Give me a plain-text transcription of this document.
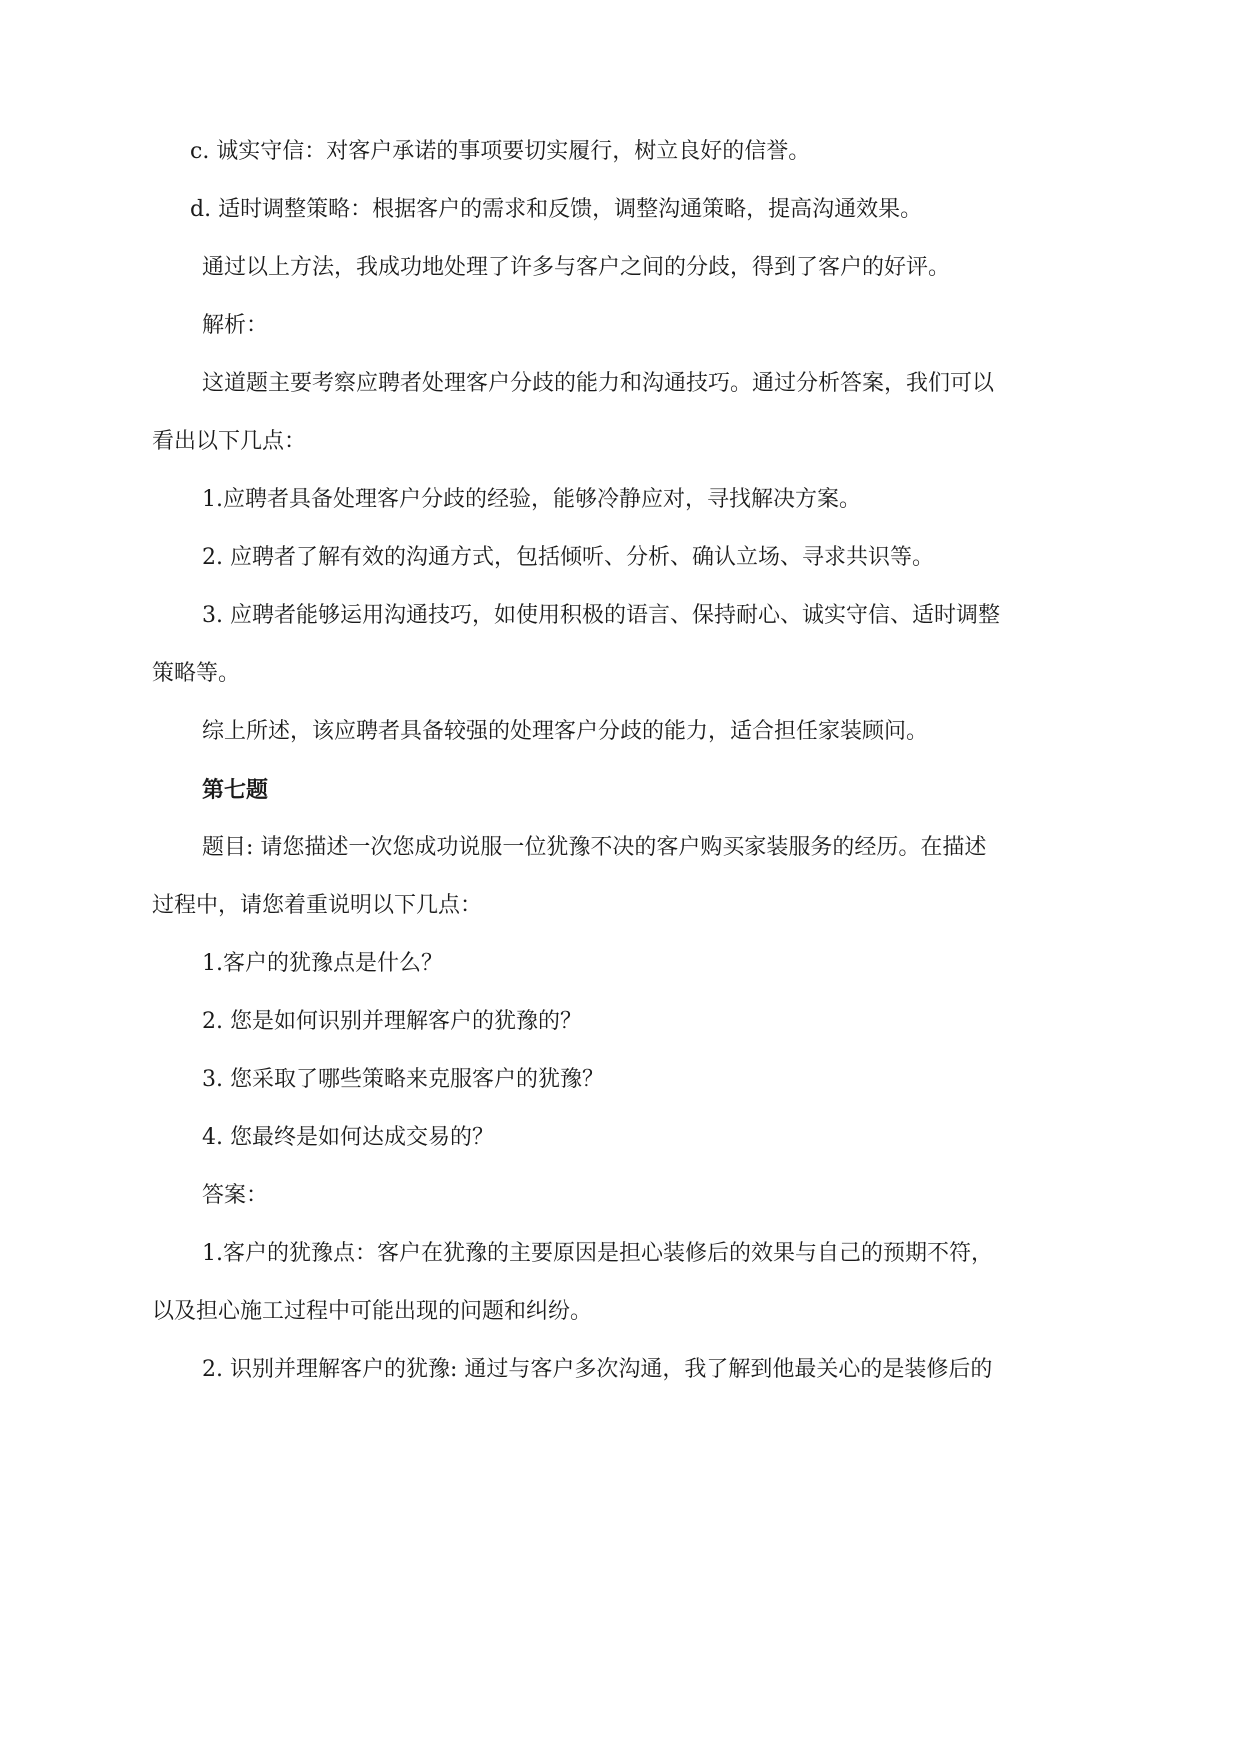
c. 诚实守信：对客户承诺的事项要切实履行，树立良好的信誉。
d. 适时调整策略：根据客户的需求和反馈，调整沟通策略，提高沟通效果。
通过以上方法，我成功地处理了许多与客户之间的分歧，得到了客户的好评。
解析：
这道题主要考察应聘者处理客户分歧的能力和沟通技巧。通过分析答案，我们可以
看出以下几点：
1.应聘者具备处理客户分歧的经验，能够冷静应对，寻找解决方案。
2. 应聘者了解有效的沟通方式，包括倾听、分析、确认立场、寻求共识等。
3. 应聘者能够运用沟通技巧，如使用积极的语言、保持耐心、诚实守信、适时调整
策略等。
综上所述，该应聘者具备较强的处理客户分歧的能力，适合担任家装顾问。
第七题
题目: 请您描述一次您成功说服一位犹豫不决的客户购买家装服务的经历。在描述
过程中，请您着重说明以下几点：
1.客户的犹豫点是什么？
2. 您是如何识别并理解客户的犹豫的？
3. 您采取了哪些策略来克服客户的犹豫？
4. 您最终是如何达成交易的？
答案：
1.客户的犹豫点：客户在犹豫的主要原因是担心装修后的效果与自己的预期不符，
以及担心施工过程中可能出现的问题和纠纷。
2. 识别并理解客户的犹豫: 通过与客户多次沟通，我了解到他最关心的是装修后的
